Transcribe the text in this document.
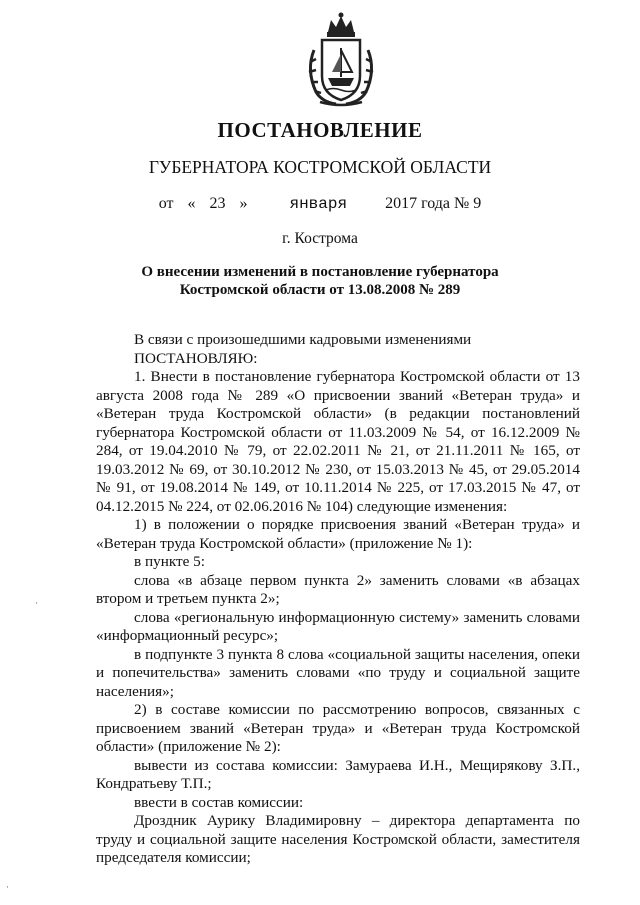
ПОСТАНОВЛЕНИЕ
ГУБЕРНАТОРА КОСТРОМСКОЙ ОБЛАСТИ
от « 23 »	января 2017 года № 9
г. Кострома
О внесении изменений в постановление губернатора
Костромской области от 13.08.2008 № 289

В связи с произошедшими кадровыми изменениями

ПОСТАНОВЛЯЮ:

1. Внести в постановление губернатора Костромской области от 13 августа 2008 года № 289 «О присвоении званий «Ветеран труда» и «Ветеран труда Костромской области» (в редакции постановлений губернатора Костромской области от 11.03.2009 № 54, от 16.12.2009 № 284, от 19.04.2010 № 79, от 22.02.2011 № 21, от 21.11.2011 № 165, от 19.03.2012 № 69, от 30.10.2012 № 230, от 15.03.2013 № 45, от 29.05.2014 № 91, от 19.08.2014 № 149, от 10.11.2014 № 225, от 17.03.2015 № 47, от 04.12.2015 № 224, от 02.06.2016 № 104) следующие изменения:

1) в положении о порядке присвоения званий «Ветеран труда» и «Ветеран труда Костромской области» (приложение № 1):

в пункте 5:

слова «в абзаце первом пункта 2» заменить словами «в абзацах втором и третьем пункта 2»;

слова «региональную информационную систему» заменить словами «информационный ресурс»;

в подпункте 3 пункта 8 слова «социальной защиты населения, опеки и попечительства» заменить словами «по труду и социальной защите населения»;

2) в составе комиссии по рассмотрению вопросов, связанных с присвоением званий «Ветеран труда» и «Ветеран труда Костромской области» (приложение № 2):

вывести из состава комиссии: Замураева И.Н., Мещирякову З.П., Кондратьеву Т.П.;

ввести в состав комиссии:

Дроздник Аурику Владимировну – директора департамента по труду и социальной защите населения Костромской области, заместителя председателя комиссии;

·
·
